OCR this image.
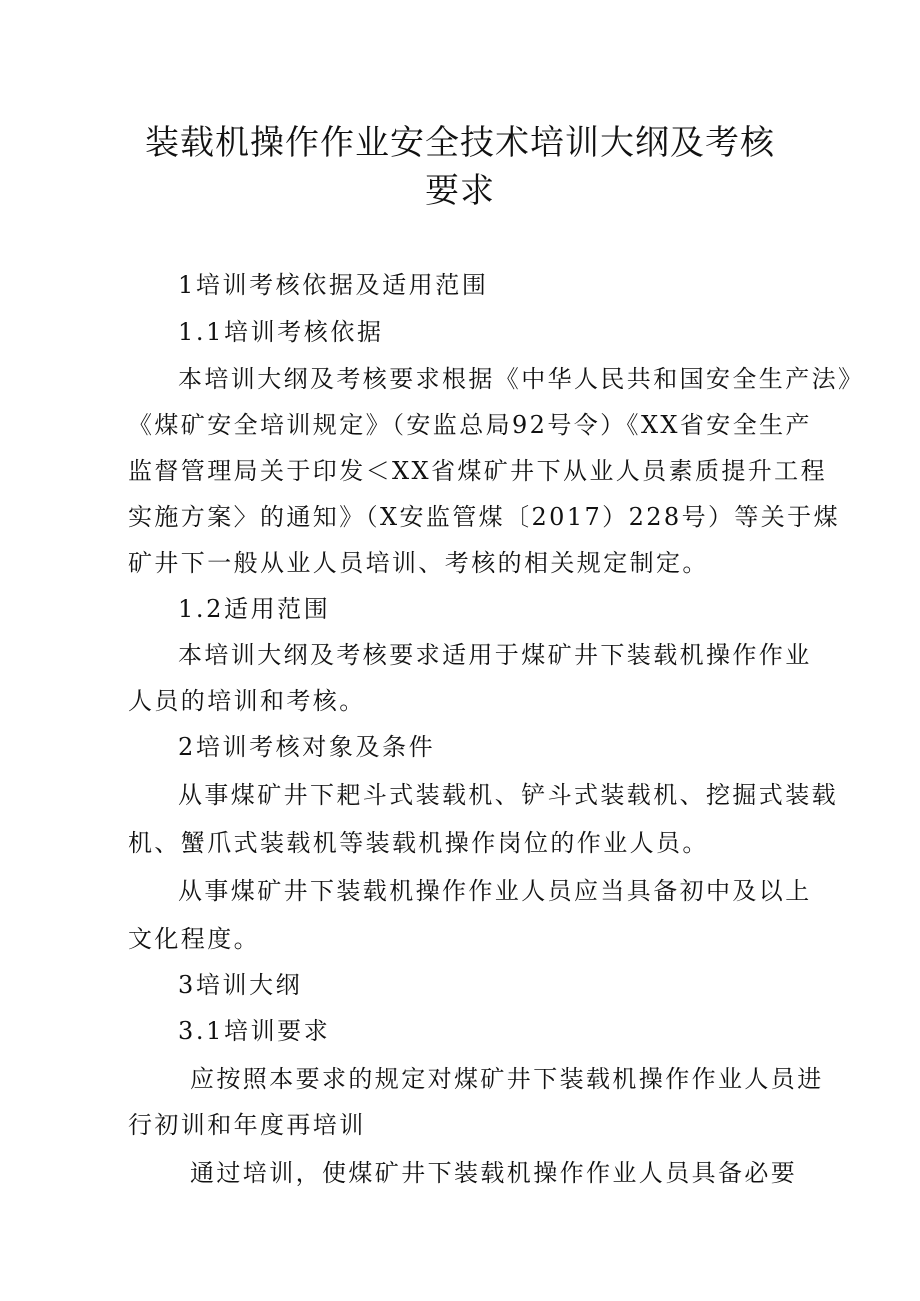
装载机操作作业安全技术培训大纲及考核
要求

1培训考核依据及适用范围

1.1培训考核依据

本培训大纲及考核要求根据《中华人民共和国安全生产法》

《煤矿安全培训规定》（安监总局92号令）《XX省安全生产

监督管理局关于印发＜XX省煤矿井下从业人员素质提升工程

实施方案〉的通知》（X安监管煤〔2017）228号）等关于煤

矿井下一般从业人员培训、考核的相关规定制定。

1.2适用范围

本培训大纲及考核要求适用于煤矿井下装载机操作作业

人员的培训和考核。

2培训考核对象及条件

从事煤矿井下耙斗式装载机、铲斗式装载机、挖掘式装载

机、蟹爪式装载机等装载机操作岗位的作业人员。

从事煤矿井下装载机操作作业人员应当具备初中及以上

文化程度。

3培训大纲

3.1培训要求

应按照本要求的规定对煤矿井下装载机操作作业人员进

行初训和年度再培训

通过培训，使煤矿井下装载机操作作业人员具备必要
